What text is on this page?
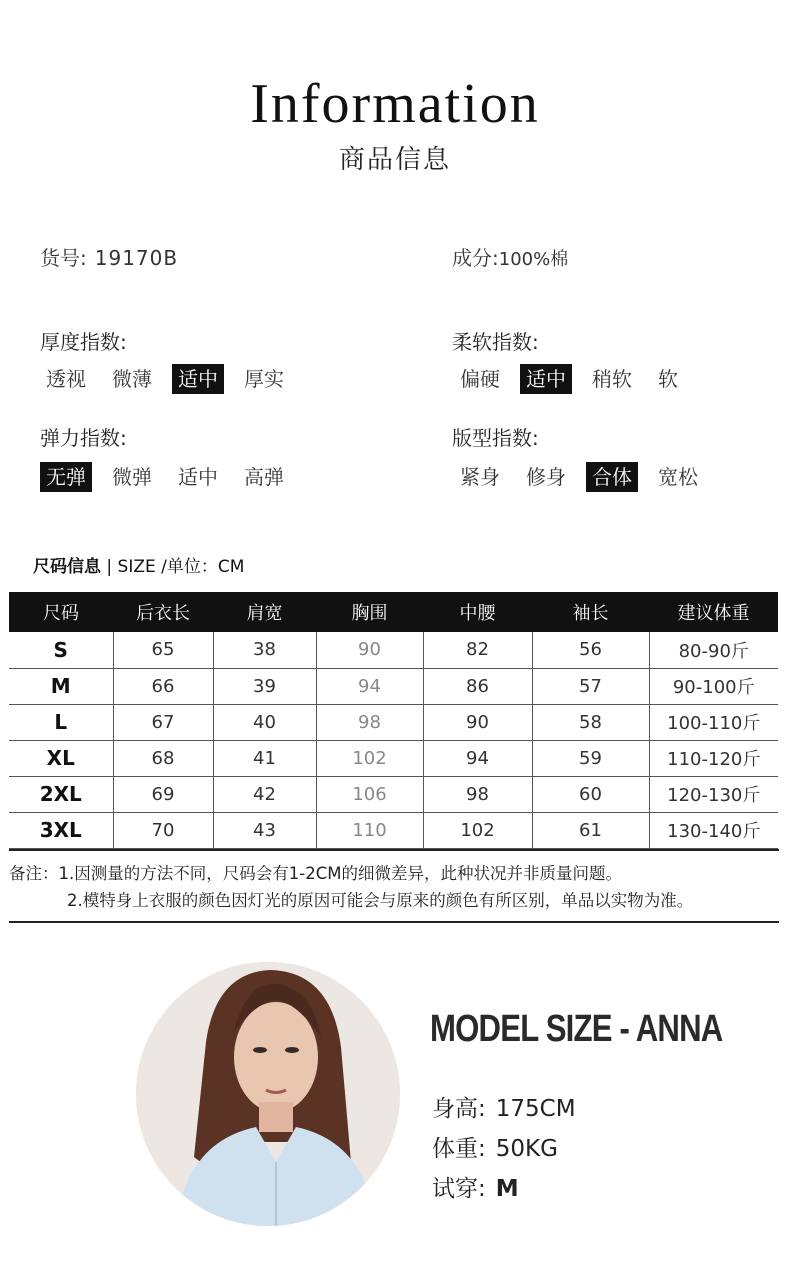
Information
商品信息
货号: 19170B	成分:100%棉
厚度指数:
透视	微薄	适中	厚实
柔软指数:
偏硬	适中	稍软	软
弹力指数:
无弹	微弹	适中	高弹
版型指数:
紧身	修身	合体	宽松
尺码信息 | SIZE /单位：CM
尺码	后衣长	肩宽	胸围	中腰	袖长	建议体重
S	65	38	90	82	56	80-90斤
M	66	39	94	86	57	90-100斤
L	67	40	98	90	58	100-110斤
XL	68	41	102	94	59	110-120斤
2XL	69	42	106	98	60	120-130斤
3XL	70	43	110	102	61	130-140斤
备注：1.因测量的方法不同，尺码会有1-2CM的细微差异，此种状况并非质量问题。
2.模特身上衣服的颜色因灯光的原因可能会与原来的颜色有所区别，单品以实物为准。
MODEL SIZE - ANNA
身高: 175CM
体重: 50KG
试穿: M
